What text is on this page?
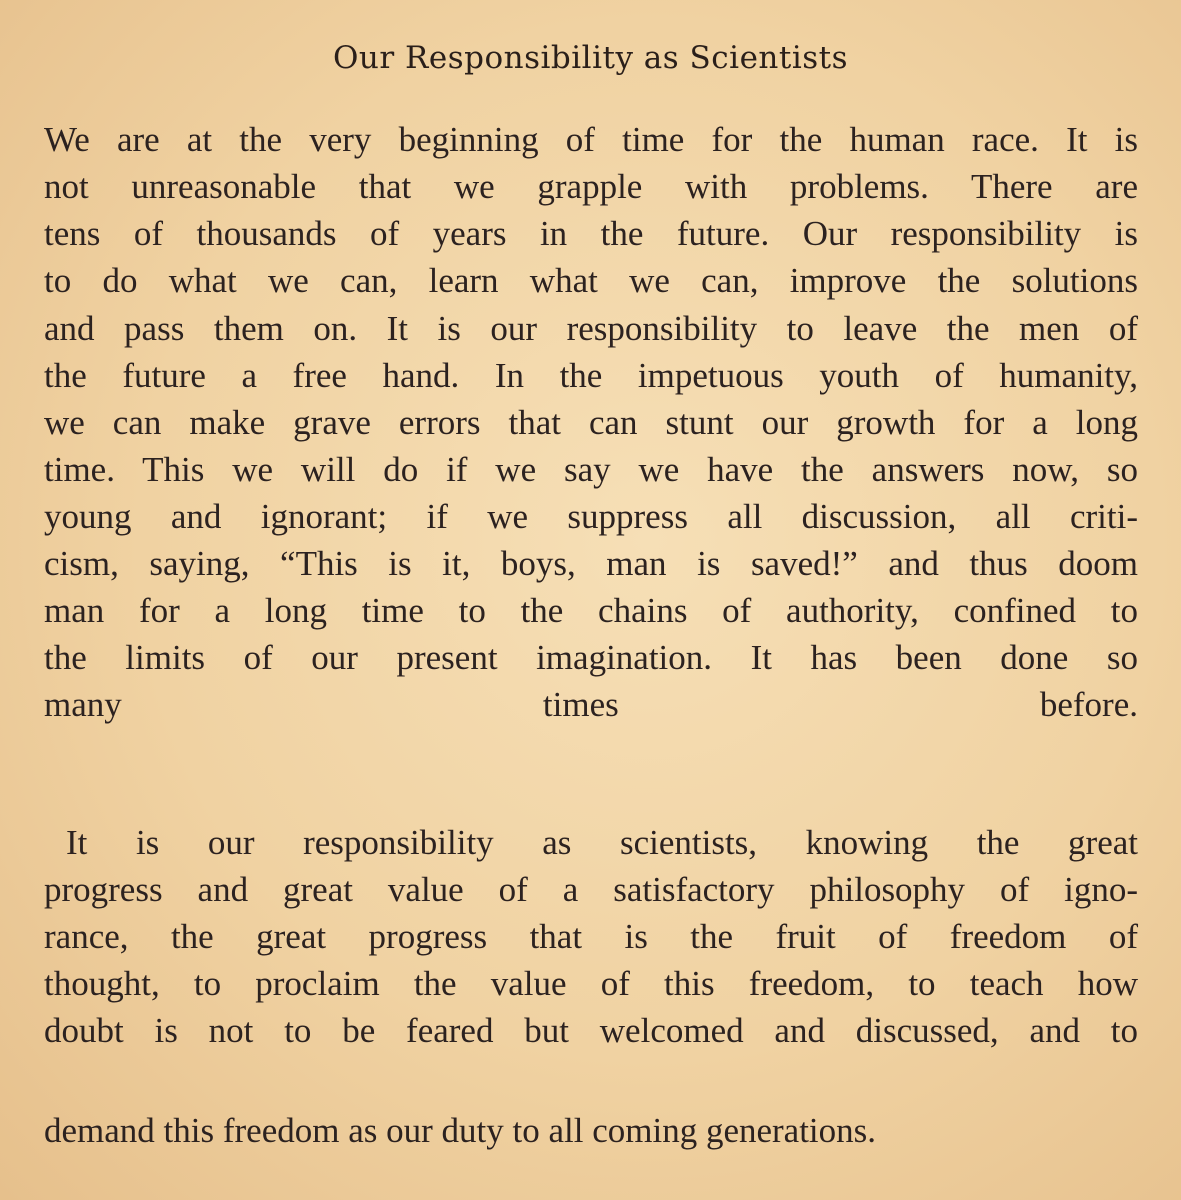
Our Responsibility as Scientists
We are at the very beginning of time for the human race. It is
not unreasonable that we grapple with problems. There are
tens of thousands of years in the future. Our responsibility is
to do what we can, learn what we can, improve the solutions
and pass them on. It is our responsibility to leave the men of
the future a free hand. In the impetuous youth of humanity,
we can make grave errors that can stunt our growth for a long
time. This we will do if we say we have the answers now, so
young and ignorant; if we suppress all discussion, all criti-
cism, saying, “This is it, boys, man is saved!” and thus doom
man for a long time to the chains of authority, confined to
the limits of our present imagination. It has been done so
many times before.
It is our responsibility as scientists, knowing the great
progress and great value of a satisfactory philosophy of igno-
rance, the great progress that is the fruit of freedom of
thought, to proclaim the value of this freedom, to teach how
doubt is not to be feared but welcomed and discussed, and to
demand this freedom as our duty to all coming generations.
